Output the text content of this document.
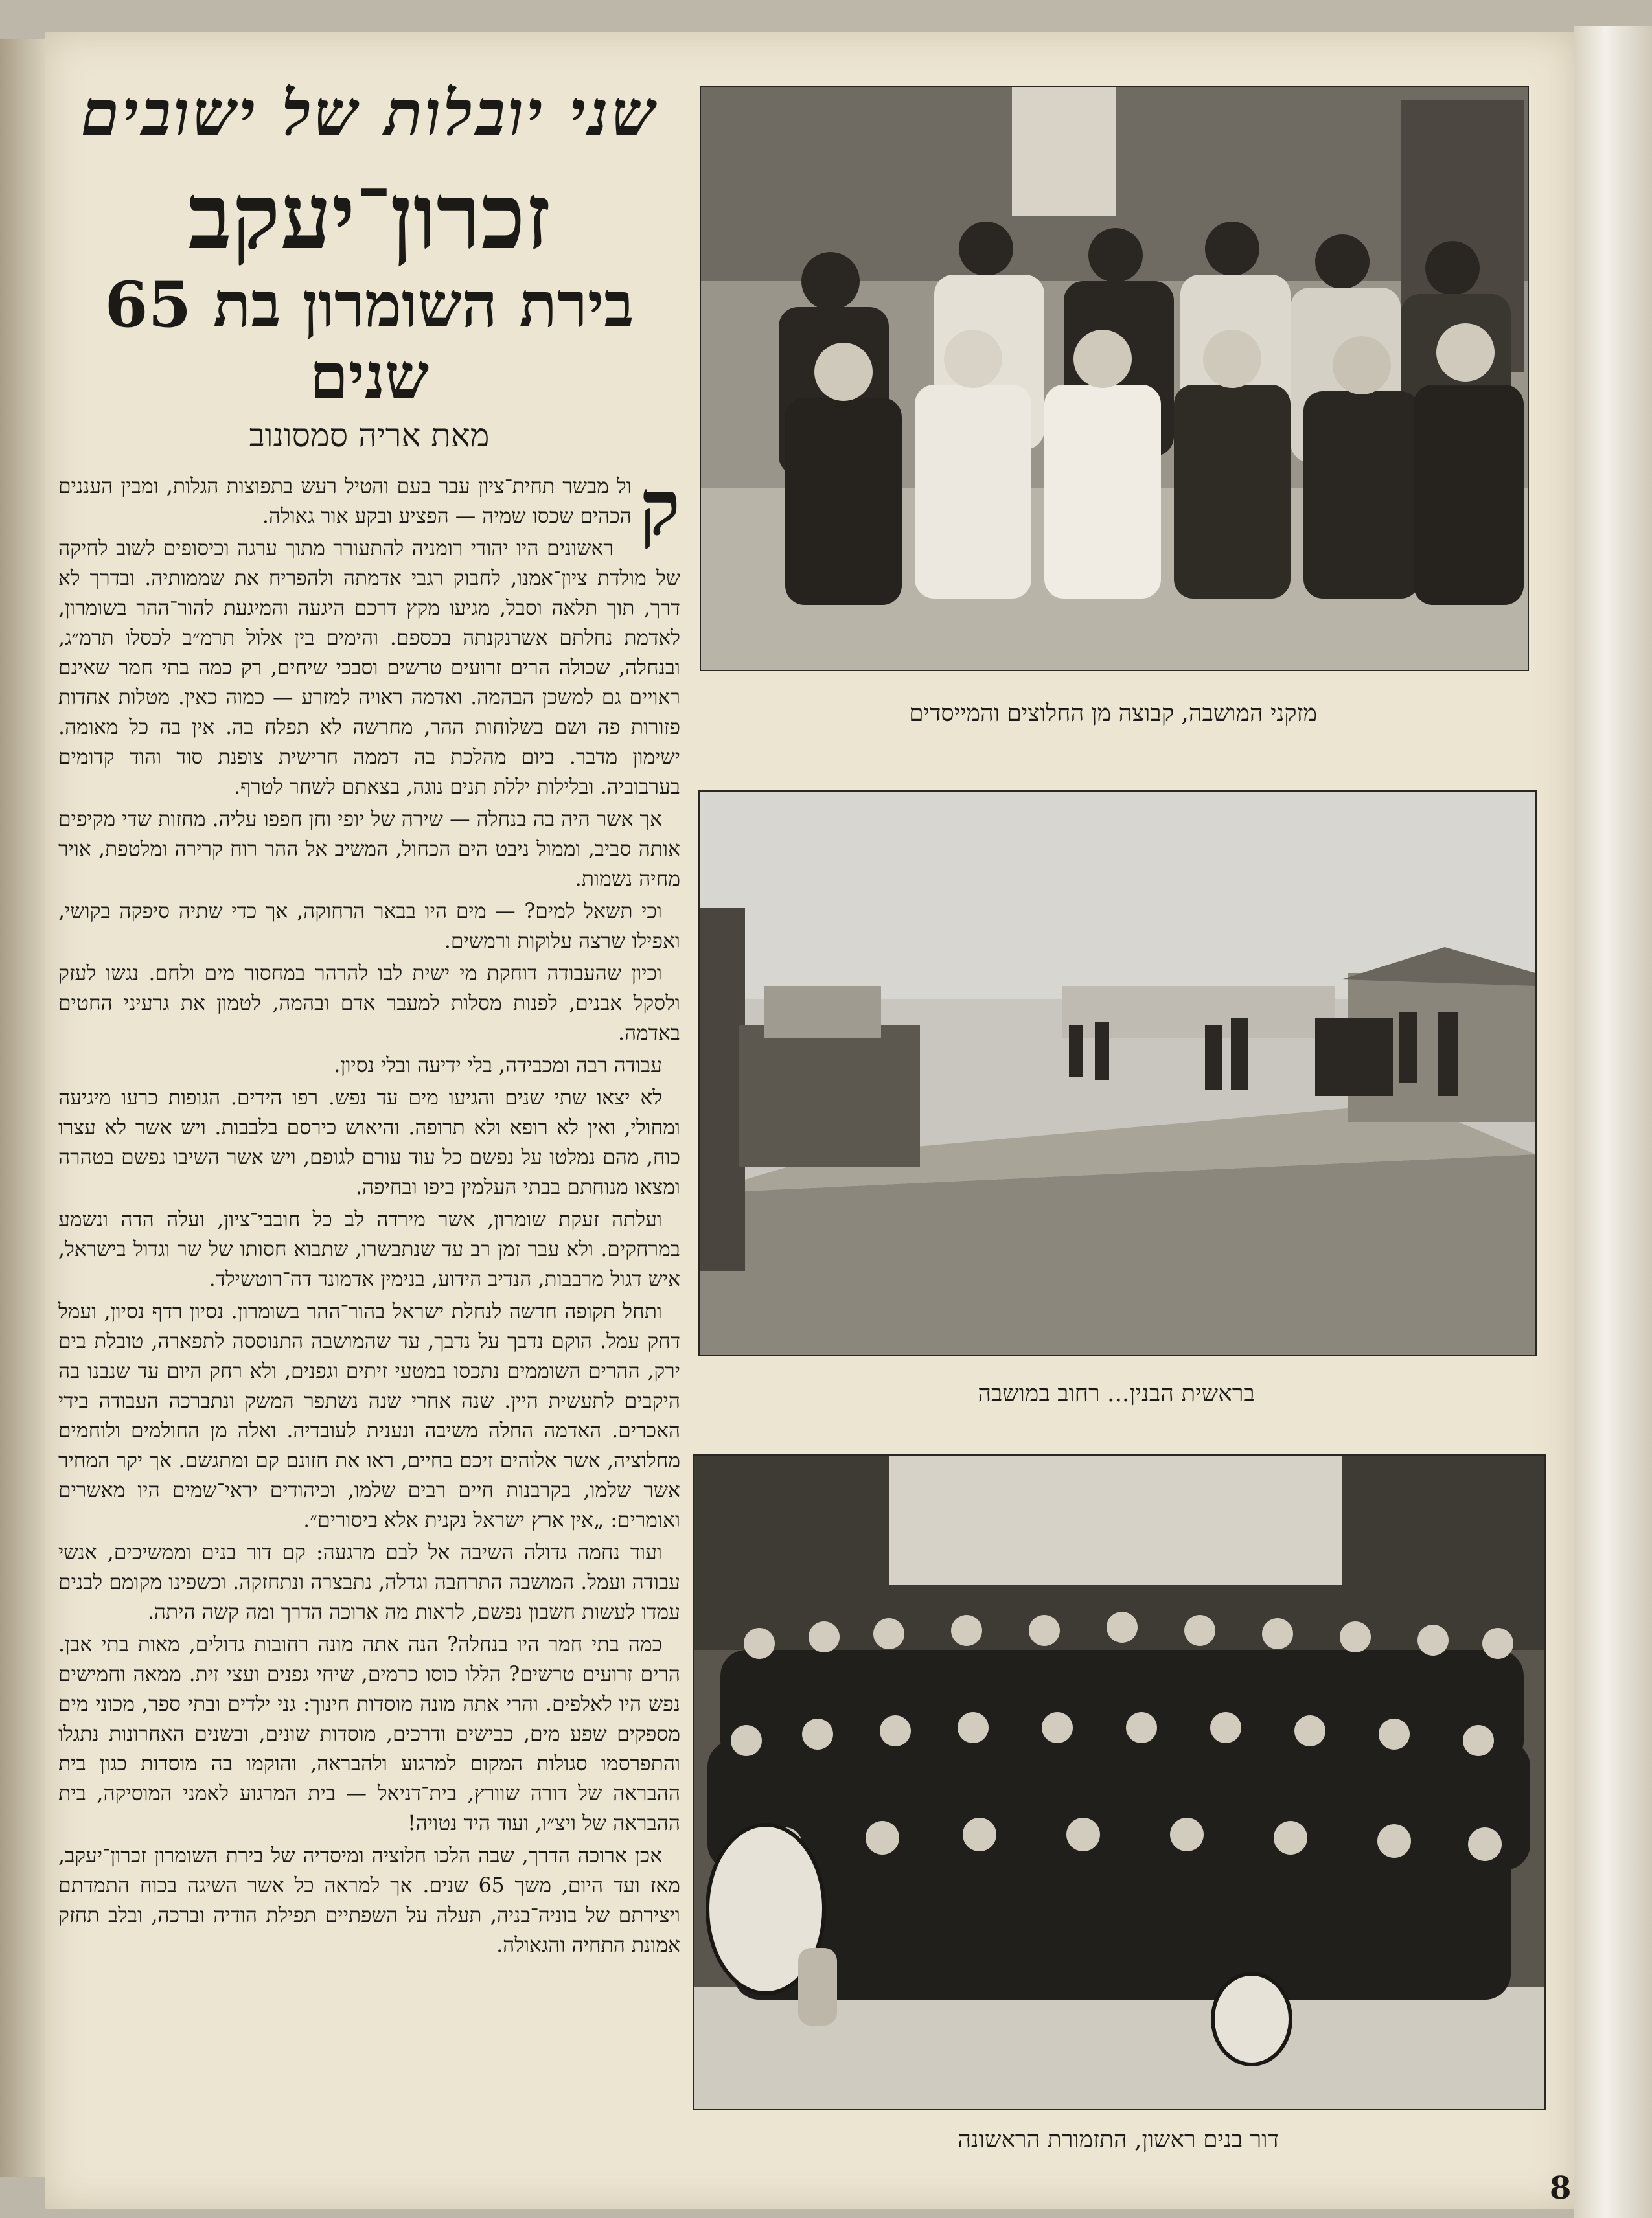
שני יובלות של ישובים
זכרון־יעקב
בירת השומרון בת 65 שנים
מאת אריה סמסונוב

ק
ול מבשר תחית־ציון עבר בעם והטיל רעש בתפוצות הגלות, ומבין העננים הכהים שכסו שמיה — הפציע ובקע אור גאולה.

ראשונים היו יהודי רומניה להתעורר מתוך ערגה וכיסופים לשוב לחיקה של מולדת ציון־אמנו, לחבוק רגבי אדמתה ולהפריח את שממותיה. ובדרך לא דרך, תוך תלאה וסבל, מגיעו מקץ דרכם היגעה והמיגעת להור־ההר בשומרון, לאדמת נחלתם אשרנקנתה בכספם. והימים בין אלול תרמ״ב לכסלו תרמ״ג, ובנחלה, שכולה הרים זרועים טרשים וסבכי שיחים, רק כמה בתי חמר שאינם ראויים גם למשכן הבהמה. ואדמה ראויה למזרע — כמוה כאין. מטלות אחדות פזורות פה ושם בשלוחות ההר, מחרשה לא תפלח בה. אין בה כל מאומה. ישימון מדבר. ביום מהלכת בה דממה חרישית צופנת סוד והוד קדומים בערבוביה. ובלילות יללת תנים נוגה, בצאתם לשחר לטרף.

אך אשר היה בה בנחלה — שירה של יופי וחן חפפו עליה. מחזות שדי מקיפים אותה סביב, וממול ניבט הים הכחול, המשיב אל ההר רוח קרירה ומלטפת, אויר מחיה נשמות.

וכי תשאל למים? — מים היו בבאר הרחוקה, אך כדי שתיה סיפקה בקושי, ואפילו שרצה עלוקות ורמשים.

וכיון שהעבודה דוחקת מי ישית לבו להרהר במחסור מים ולחם. נגשו לעזק ולסקל אבנים, לפנות מסלות למעבר אדם ובהמה, לטמון את גרעיני החטים באדמה.

עבודה רבה ומכבידה, בלי ידיעה ובלי נסיון.

לא יצאו שתי שנים והגיעו מים עד נפש. רפו הידים. הגופות כרעו מיגיעה ומחולי, ואין לא רופא ולא תרופה. והיאוש כירסם בלבבות. ויש אשר לא עצרו כוח, מהם נמלטו על נפשם כל עוד עורם לגופם, ויש אשר השיבו נפשם בטהרה ומצאו מנוחתם בבתי העלמין ביפו ובחיפה.

ועלתה זעקת שומרון, אשר מירדה לב כל חובבי־ציון, ועלה הדה ונשמע במרחקים. ולא עבר זמן רב עד שנתבשרו, שתבוא חסותו של שר וגדול בישראל, איש דגול מרבבות, הנדיב הידוע, בנימין אדמונד דה־רוטשילד.

ותחל תקופה חדשה לנחלת ישראל בהור־ההר בשומרון. נסיון רדף נסיון, ועמל דחק עמל. הוקם נדבך על נדבך, עד שהמושבה התנוססה לתפארה, טובלת בים ירק, ההרים השוממים נתכסו במטעי זיתים וגפנים, ולא רחק היום עד שנבנו בה היקבים לתעשית היין. שנה אחרי שנה נשתפר המשק ונתברכה העבודה בידי האכרים. האדמה החלה משיבה ונענית לעובדיה. ואלה מן החולמים ולוחמים מחלוציה, אשר אלוהים זיכם בחיים, ראו את חזונם קם ומתגשם. אך יקר המחיר אשר שלמו, בקרבנות חיים רבים שלמו, וכיהודים יראי־שמים היו מאשרים ואומרים: „אין ארץ ישראל נקנית אלא ביסורים״.

ועוד נחמה גדולה השיבה אל לבם מרגעה: קם דור בנים וממשיכים, אנשי עבודה ועמל. המושבה התרחבה וגדלה, נתבצרה ונתחזקה. וכשפינו מקומם לבנים עמדו לעשות חשבון נפשם, לראות מה ארוכה הדרך ומה קשה היתה.

כמה בתי חמר היו בנחלה? הנה אתה מונה רחובות גדולים, מאות בתי אבן. הרים זרועים טרשים? הללו כוסו כרמים, שיחי גפנים ועצי זית. ממאה וחמישים נפש היו לאלפים. והרי אתה מונה מוסדות חינוך: גני ילדים ובתי ספר, מכוני מים מספקים שפע מים, כבישים ודרכים, מוסדות שונים, ובשנים האחרונות נתגלו והתפרסמו סגולות המקום למרגוע ולהבראה, והוקמו בה מוסדות כגון בית ההבראה של דורה שוורץ, בית־דניאל — בית המרגוע לאמני המוסיקה, בית ההבראה של ויצ״ו, ועוד היד נטויה!

אכן ארוכה הדרך, שבה הלכו חלוציה ומיסדיה של בירת השומרון זכרון־יעקב, מאז ועד היום, משך 65 שנים. אך למראה כל אשר השיגה בכוח התמדתם ויצירתם של בוניה־בניה, תעלה על השפתיים תפילת הודיה וברכה, ובלב תחזק אמונת התחיה והגאולה.

מזקני המושבה, קבוצה מן החלוצים והמייסדים
בראשית הבנין... רחוב במושבה
דור בנים ראשון, התזמורת הראשונה
8
